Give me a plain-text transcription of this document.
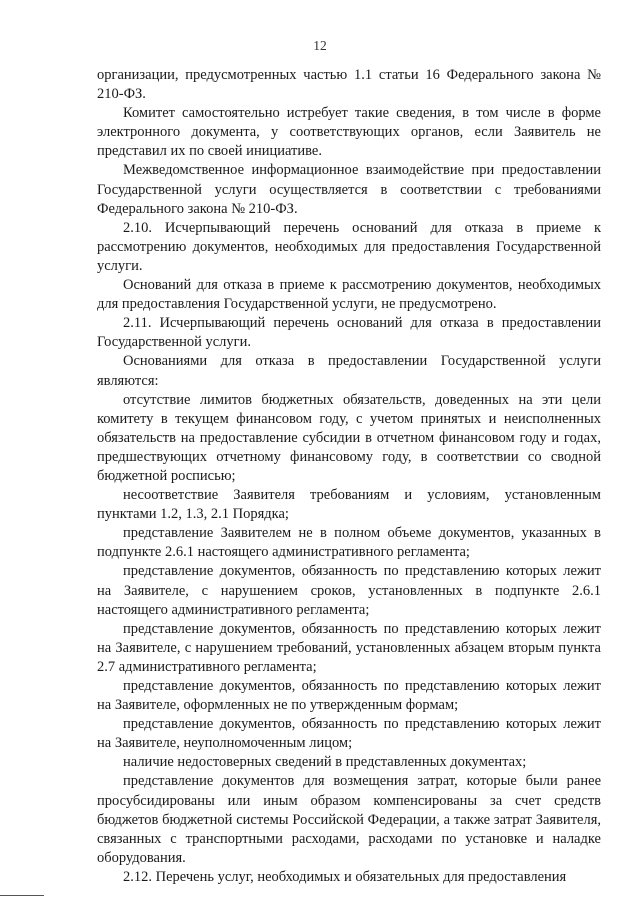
12

организации, предусмотренных частью 1.1 статьи 16 Федерального закона № 210-ФЗ.

Комитет самостоятельно истребует такие сведения, в том числе в форме электронного документа, у соответствующих органов, если Заявитель не представил их по своей инициативе.

Межведомственное информационное взаимодействие при предоставлении Государственной услуги осуществляется в соответствии с требованиями Федерального закона № 210-ФЗ.

2.10. Исчерпывающий перечень оснований для отказа в приеме к рассмотрению документов, необходимых для предоставления Государственной услуги.

Оснований для отказа в приеме к рассмотрению документов, необходимых для предоставления Государственной услуги, не предусмотрено.

2.11. Исчерпывающий перечень оснований для отказа в предоставлении Государственной услуги.

Основаниями для отказа в предоставлении Государственной услуги являются:

отсутствие лимитов бюджетных обязательств, доведенных на эти цели комитету в текущем финансовом году, с учетом принятых и неисполненных обязательств на предоставление субсидии в отчетном финансовом году и годах, предшествующих отчетному финансовому году, в соответствии со сводной бюджетной росписью;

несоответствие Заявителя требованиям и условиям, установленным пунктами 1.2, 1.3, 2.1 Порядка;

представление Заявителем не в полном объеме документов, указанных в подпункте 2.6.1 настоящего административного регламента;

представление документов, обязанность по представлению которых лежит на Заявителе, с нарушением сроков, установленных в подпункте 2.6.1 настоящего административного регламента;

представление документов, обязанность по представлению которых лежит на Заявителе, с нарушением требований, установленных абзацем вторым пункта 2.7 административного регламента;

представление документов, обязанность по представлению которых лежит на Заявителе, оформленных не по утвержденным формам;

представление документов, обязанность по представлению которых лежит на Заявителе, неуполномоченным лицом;

наличие недостоверных сведений в представленных документах;

представление документов для возмещения затрат, которые были ранее просубсидированы или иным образом компенсированы за счет средств бюджетов бюджетной системы Российской Федерации, а также затрат Заявителя, связанных с транспортными расходами, расходами по установке и наладке оборудования.

2.12. Перечень услуг, необходимых и обязательных для предоставления
